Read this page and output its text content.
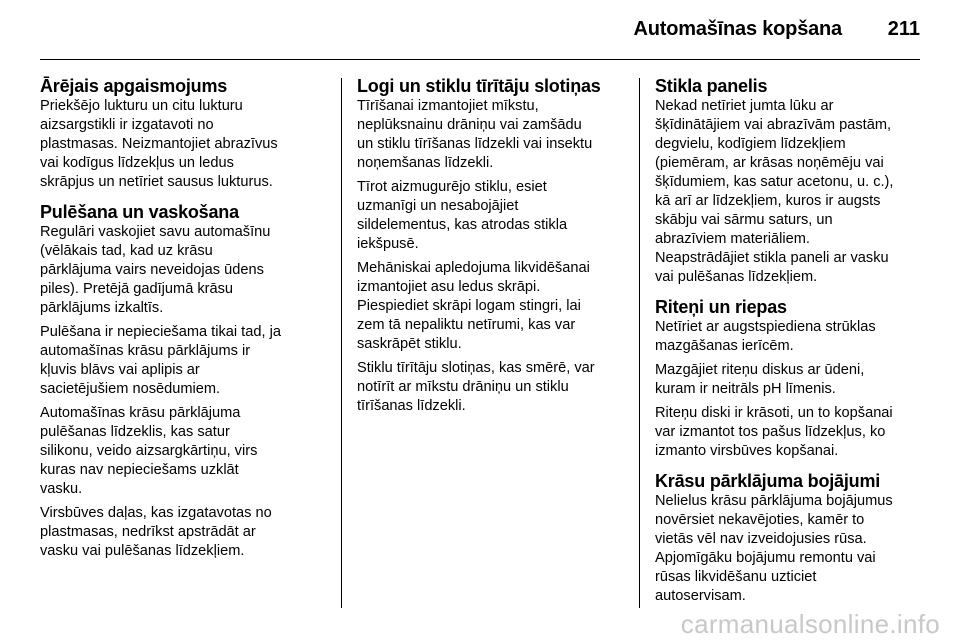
Automašīnas kopšana 211
Ārējais apgaismojums

Priekšējo lukturu un citu lukturu
aizsargstikli ir izgatavoti no
plastmasas. Neizmantojiet abrazīvus
vai kodīgus līdzekļus un ledus
skrāpjus un netīriet sausus lukturus.

Pulēšana un vaskošana

Regulāri vaskojiet savu automašīnu
(vēlākais tad, kad uz krāsu
pārklājuma vairs neveidojas ūdens
piles). Pretējā gadījumā krāsu
pārklājums izkaltīs.

Pulēšana ir nepieciešama tikai tad, ja
automašīnas krāsu pārklājums ir
kļuvis blāvs vai aplipis ar
sacietējušiem nosēdumiem.

Automašīnas krāsu pārklājuma
pulēšanas līdzeklis, kas satur
silikonu, veido aizsargkārtiņu, virs
kuras nav nepieciešams uzklāt
vasku.

Virsbūves daļas, kas izgatavotas no
plastmasas, nedrīkst apstrādāt ar
vasku vai pulēšanas līdzekļiem.

Logi un stiklu tīrītāju slotiņas

Tīrīšanai izmantojiet mīkstu,
neplūksnainu drāniņu vai zamšādu
un stiklu tīrīšanas līdzekli vai insektu
noņemšanas līdzekli.

Tīrot aizmugurējo stiklu, esiet
uzmanīgi un nesabojājiet
sildelementus, kas atrodas stikla
iekšpusē.

Mehāniskai apledojuma likvidēšanai
izmantojiet asu ledus skrāpi.
Piespiediet skrāpi logam stingri, lai
zem tā nepaliktu netīrumi, kas var
saskrāpēt stiklu.

Stiklu tīrītāju slotiņas, kas smērē, var
notīrīt ar mīkstu drāniņu un stiklu
tīrīšanas līdzekli.

Stikla panelis

Nekad netīriet jumta lūku ar
šķīdinātājiem vai abrazīvām pastām,
degvielu, kodīgiem līdzekļiem
(piemēram, ar krāsas noņēmēju vai
šķīdumiem, kas satur acetonu, u. c.),
kā arī ar līdzekļiem, kuros ir augsts
skābju vai sārmu saturs, un
abrazīviem materiāliem.
Neapstrādājiet stikla paneli ar vasku
vai pulēšanas līdzekļiem.

Riteņi un riepas

Netīriet ar augstspiediena strūklas
mazgāšanas ierīcēm.

Mazgājiet riteņu diskus ar ūdeni,
kuram ir neitrāls pH līmenis.

Riteņu diski ir krāsoti, un to kopšanai
var izmantot tos pašus līdzekļus, ko
izmanto virsbūves kopšanai.

Krāsu pārklājuma bojājumi

Nelielus krāsu pārklājuma bojājumus
novērsiet nekavējoties, kamēr to
vietās vēl nav izveidojusies rūsa.
Apjomīgāku bojājumu remontu vai
rūsas likvidēšanu uzticiet
autoservisam.

carmanualsonline.info
